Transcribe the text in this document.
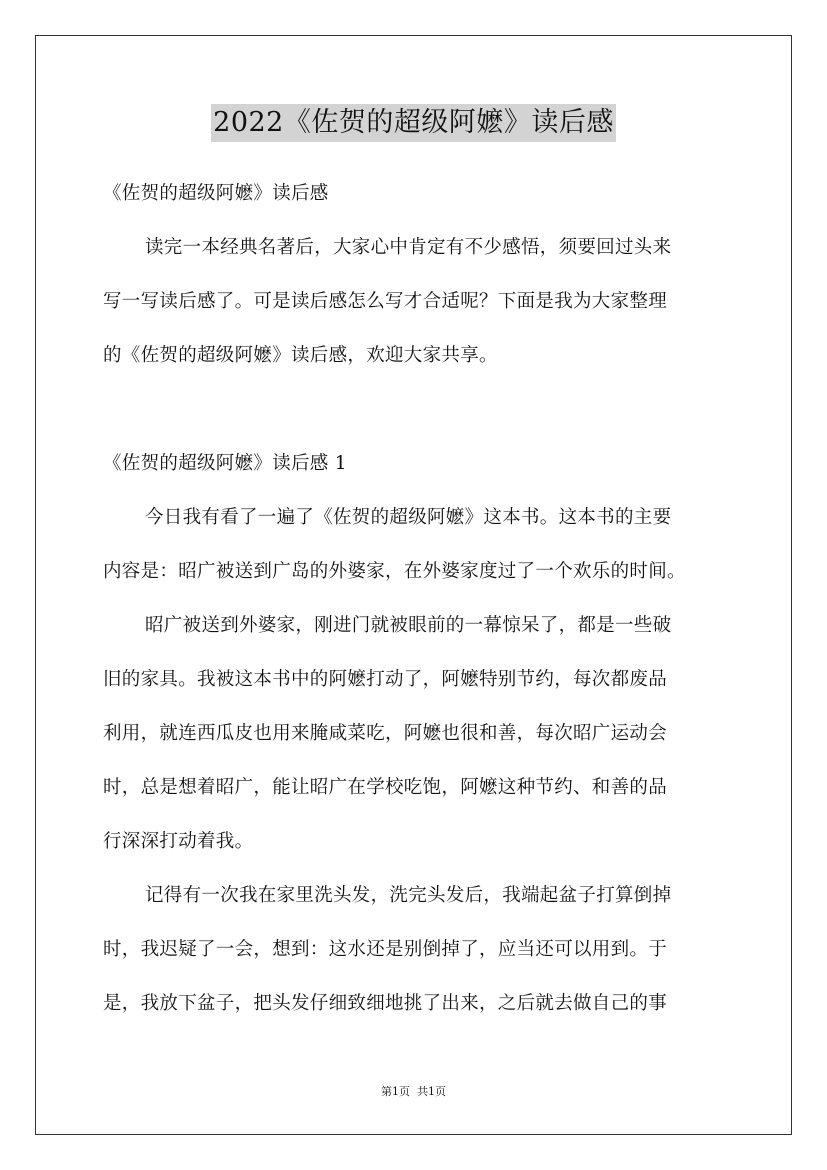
2022《佐贺的超级阿嬷》读后感
《佐贺的超级阿嬷》读后感
读完一本经典名著后，大家心中肯定有不少感悟，须要回过头来
写一写读后感了。可是读后感怎么写才合适呢？下面是我为大家整理
的《佐贺的超级阿嬷》读后感，欢迎大家共享。
《佐贺的超级阿嬷》读后感 1
今日我有看了一遍了《佐贺的超级阿嬷》这本书。这本书的主要
内容是：昭广被送到广岛的外婆家，在外婆家度过了一个欢乐的时间。
昭广被送到外婆家，刚进门就被眼前的一幕惊呆了，都是一些破
旧的家具。我被这本书中的阿嬷打动了，阿嬷特别节约，每次都废品
利用，就连西瓜皮也用来腌咸菜吃，阿嬷也很和善，每次昭广运动会
时，总是想着昭广，能让昭广在学校吃饱，阿嬷这种节约、和善的品
行深深打动着我。
记得有一次我在家里洗头发，洗完头发后，我端起盆子打算倒掉
时，我迟疑了一会，想到：这水还是别倒掉了，应当还可以用到。于
是，我放下盆子，把头发仔细致细地挑了出来，之后就去做自己的事
第1页  共1页
